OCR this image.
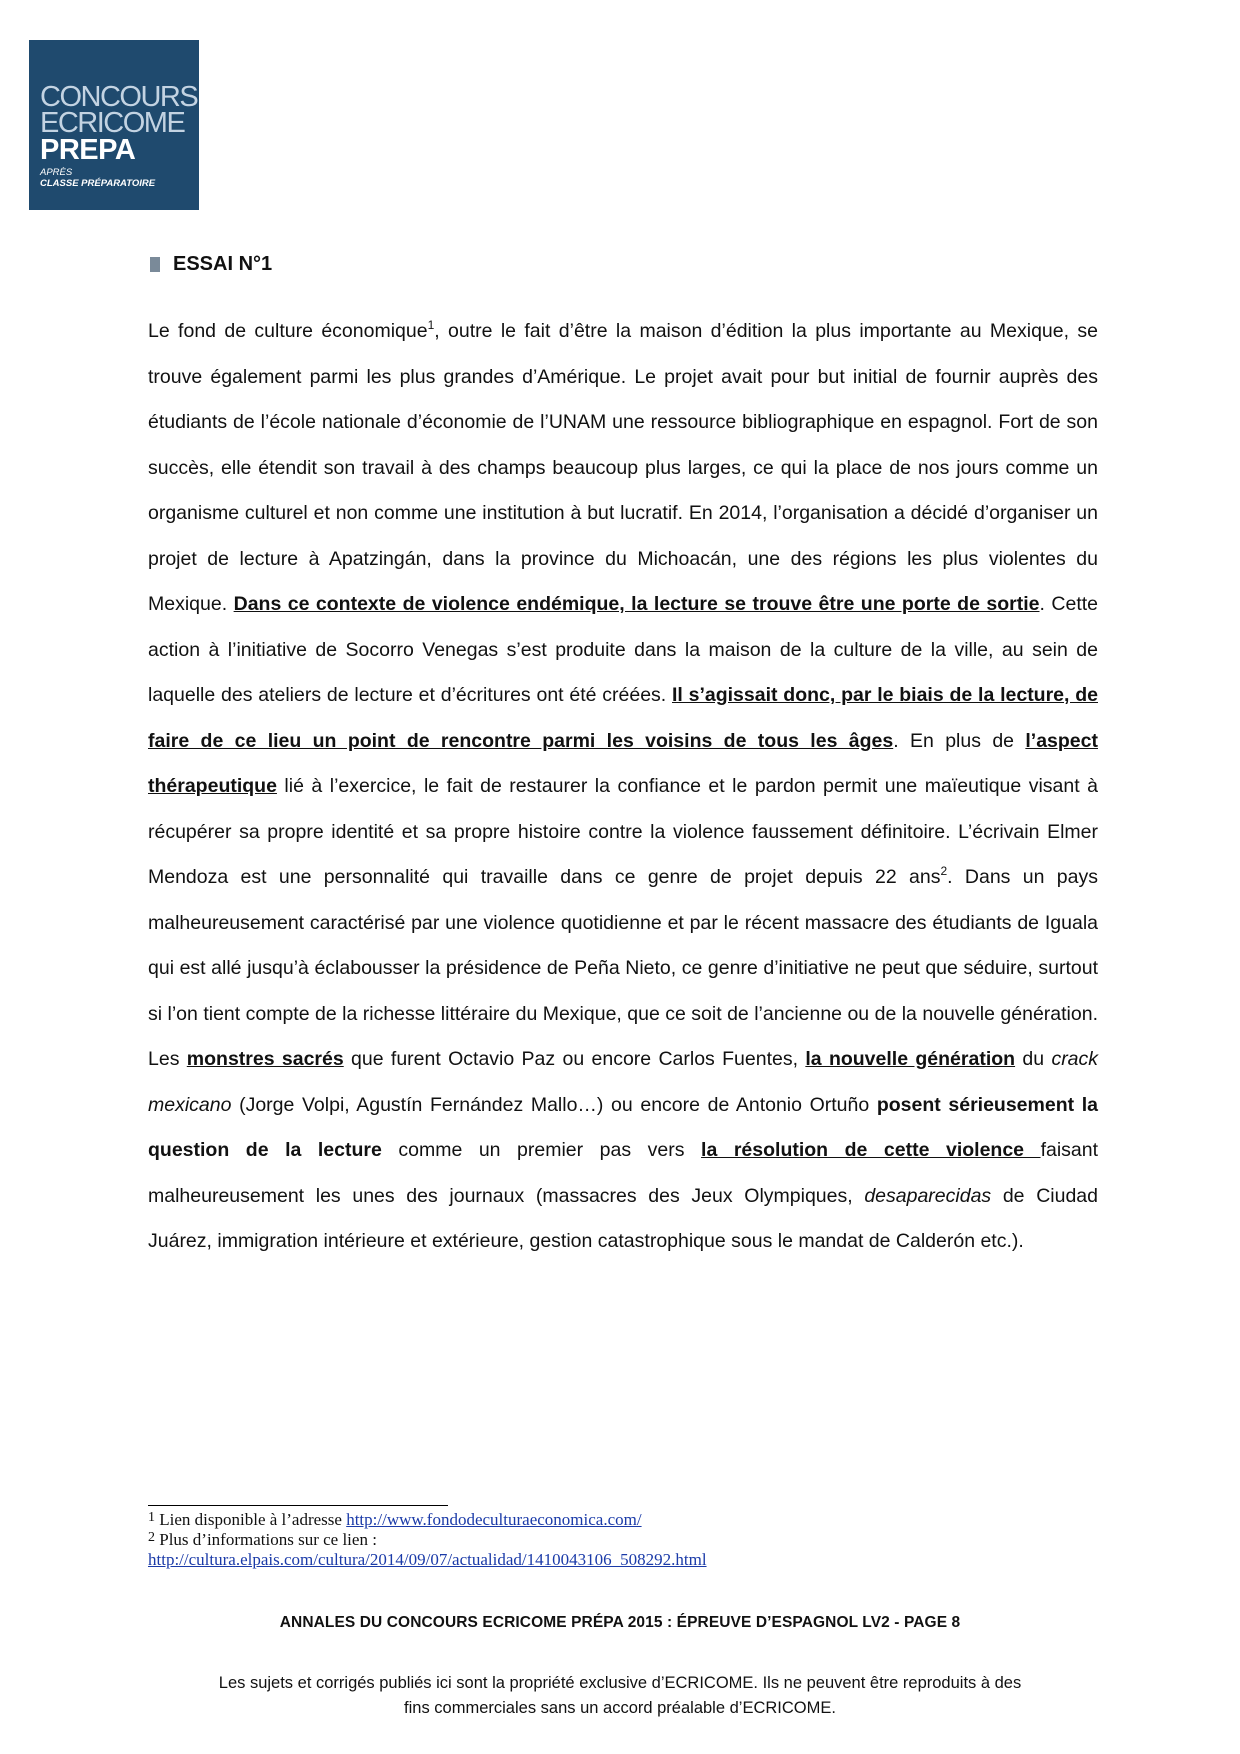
CONCOURS
ECRICOME
PREPA
APRÈS
CLASSE PRÉPARATOIRE
ESSAI N°1
Le fond de culture économique$^1$, outre le fait d’être la maison d’édition la plus importante au Mexique, se trouve également parmi les plus grandes d’Amérique. Le projet avait pour but initial de fournir auprès des étudiants de l’école nationale d’économie de l’UNAM une ressource bibliographique en espagnol. Fort de son succès, elle étendit son travail à des champs beaucoup plus larges, ce qui la place de nos jours comme un organisme culturel et non comme une institution à but lucratif. En 2014, l’organisation a décidé d’organiser un projet de lecture à Apatzingán, dans la province du Michoacán, une des régions les plus violentes du Mexique. Dans ce contexte de violence endémique, la lecture se trouve être une porte de sortie. Cette action à l’initiative de Socorro Venegas s’est produite dans la maison de la culture de la ville, au sein de laquelle des ateliers de lecture et d’écritures ont été créées. Il s’agissait donc, par le biais de la lecture, de faire de ce lieu un point de rencontre parmi les voisins de tous les âges. En plus de l’aspect thérapeutique lié à l’exercice, le fait de restaurer la confiance et le pardon permit une maïeutique visant à récupérer sa propre identité et sa propre histoire contre la violence faussement définitoire. L’écrivain Elmer Mendoza est une personnalité qui travaille dans ce genre de projet depuis 22 ans$^2$. Dans un pays malheureusement caractérisé par une violence quotidienne et par le récent massacre des étudiants de Iguala qui est allé jusqu’à éclabousser la présidence de Peña Nieto, ce genre d’initiative ne peut que séduire, surtout si l’on tient compte de la richesse littéraire du Mexique, que ce soit de l’ancienne ou de la nouvelle génération. Les monstres sacrés que furent Octavio Paz ou encore Carlos Fuentes, la nouvelle génération du crack mexicano (Jorge Volpi, Agustín Fernández Mallo…) ou encore de Antonio Ortuño posent sérieusement la question de la lecture comme un premier pas vers la résolution de cette violence faisant malheureusement les unes des journaux (massacres des Jeux Olympiques, desaparecidas de Ciudad Juárez, immigration intérieure et extérieure, gestion catastrophique sous le mandat de Calderón etc.).
$^1$ Lien disponible à l’adresse http://www.fondodeculturaeconomica.com/
$^2$ Plus d’informations sur ce lien :
http://cultura.elpais.com/cultura/2014/09/07/actualidad/1410043106_508292.html
ANNALES DU CONCOURS ECRICOME PRÉPA 2015 : ÉPREUVE D’ESPAGNOL LV2 - PAGE 8
Les sujets et corrigés publiés ici sont la propriété exclusive d’ECRICOME. Ils ne peuvent être reproduits à des
fins commerciales sans un accord préalable d’ECRICOME.
